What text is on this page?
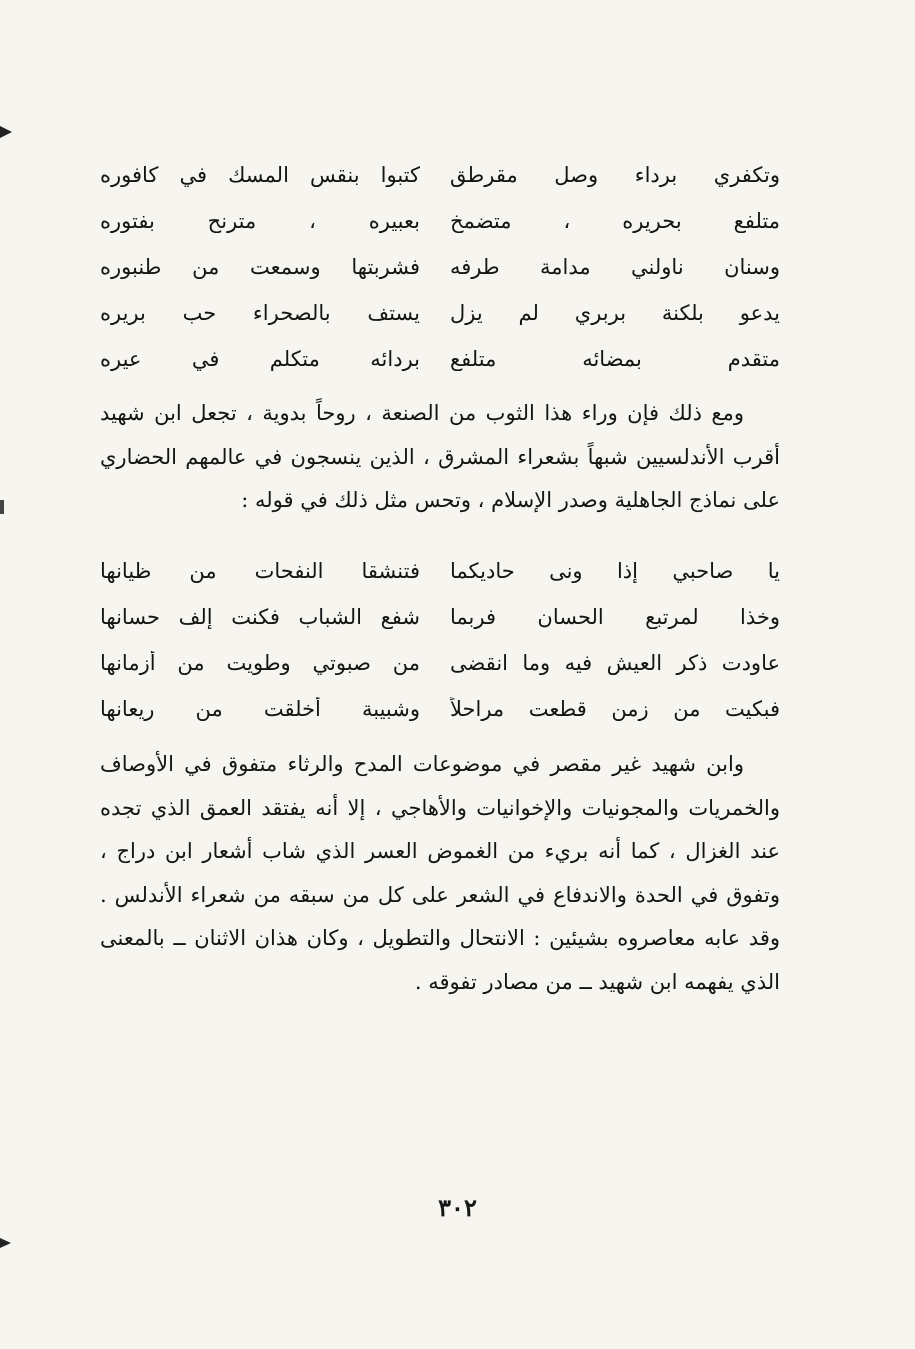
وتكفري برداء وصل مقرطق
كتبوا بنقس المسك في كافوره
متلفع بحريره ، متضمخ
بعبيره ، مترنح بفتوره
وسنان ناولني مدامة طرفه
فشربتها وسمعت من طنبوره
يدعو بلكنة بربري لم يزل
يستف بالصحراء حب بريره
متقدم بمضائه متلفع
بردائه متكلم في عيره
ومع ذلك فإن وراء هذا الثوب من الصنعة ، روحاً بدوية ، تجعل ابن شهيد أقرب الأندلسيين شبهاً بشعراء المشرق ، الذين ينسجون في عالمهم الحضاري على نماذج الجاهلية وصدر الإسلام ، وتحس مثل ذلك في قوله :
يا صاحبي إذا ونى حاديكما
فتنشقا النفحات من ظيانها
وخذا لمرتبع الحسان فربما
شفع الشباب فكنت إلف حسانها
عاودت ذكر العيش فيه وما انقضى
من صبوتي وطويت من أزمانها
فبكيت من زمن قطعت مراحلاً
وشبيبة أخلقت من ريعانها
وابن شهيد غير مقصر في موضوعات المدح والرثاء متفوق في الأوصاف والخمريات والمجونيات والإخوانيات والأهاجي ، إلا أنه يفتقد العمق الذي تجده عند الغزال ، كما أنه بريء من الغموض العسر الذي شاب أشعار ابن دراج ، وتفوق في الحدة والاندفاع في الشعر على كل من سبقه من شعراء الأندلس . وقد عابه معاصروه بشيئين : الانتحال والتطويل ، وكان هذان الاثنان ــ بالمعنى الذي يفهمه ابن شهيد ــ من مصادر تفوقه .
٣٠٢
